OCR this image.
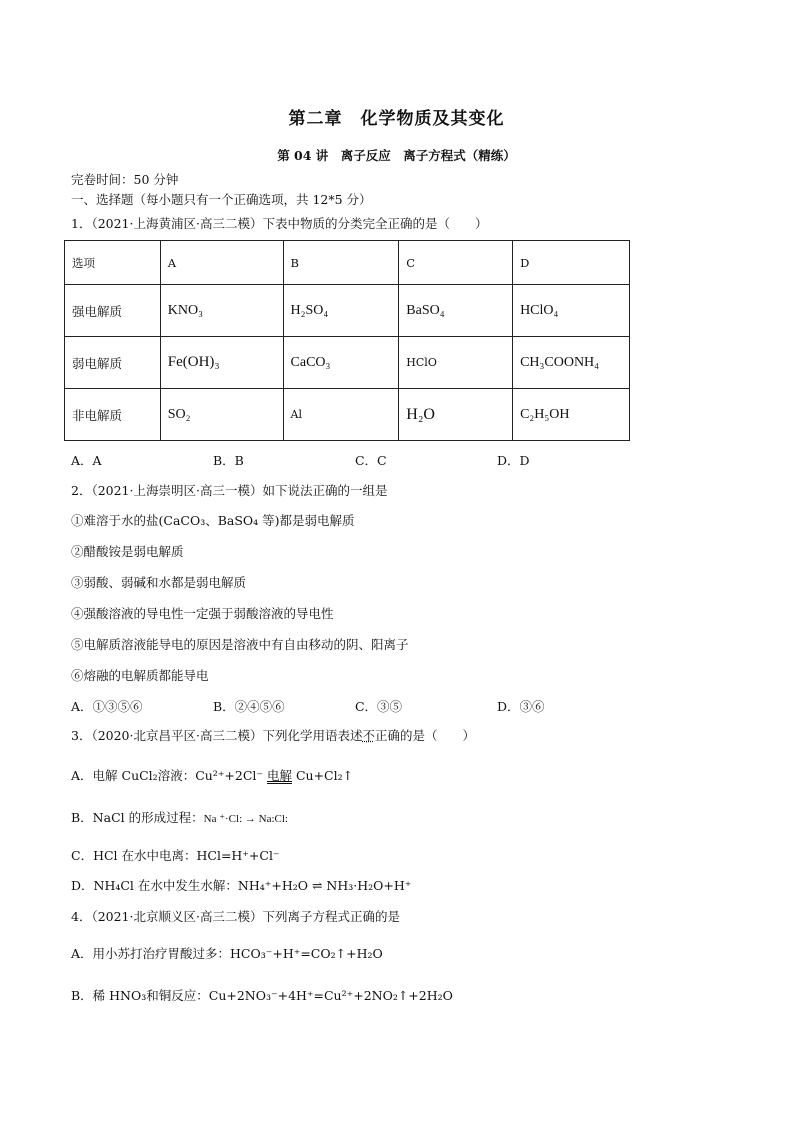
第二章　化学物质及其变化
第 04 讲　离子反应　离子方程式（精练）
完卷时间：50 分钟
一、选择题（每小题只有一个正确选项，共 12*5 分）
1．（2021·上海黄浦区·高三二模）下表中物质的分类完全正确的是（　　）
选项	A	B	C	D
强电解质	KNO₃	H₂SO₄	BaSO₄	HClO₄
弱电解质	Fe(OH)₃	CaCO₃	HClO	CH₃COONH₄
非电解质	SO₂	Al	H₂O	C₂H₅OH
A．A	B．B	C．C	D．D
2．（2021·上海崇明区·高三一模）如下说法正确的一组是
①难溶于水的盐(CaCO₃、BaSO₄ 等)都是弱电解质
②醋酸铵是弱电解质
③弱酸、弱碱和水都是弱电解质
④强酸溶液的导电性一定强于弱酸溶液的导电性
⑤电解质溶液能导电的原因是溶液中有自由移动的阴、阳离子
⑥熔融的电解质都能导电
A．①③⑤⑥	B．②④⑤⑥	C．③⑤	D．③⑥
3．（2020·北京昌平区·高三二模）下列化学用语表述不正确的是（　　）
A．电解 CuCl₂溶液：Cu²⁺+2Cl⁻ 电解 Cu+Cl₂↑
B．NaCl 的形成过程：Na ⁺·Cl: → Na:Cl:
C．HCl 在水中电离：HCl=H⁺+Cl⁻
D．NH₄Cl 在水中发生水解：NH₄⁺+H₂O ⇌ NH₃·H₂O+H⁺
4．（2021·北京顺义区·高三二模）下列离子方程式正确的是
A．用小苏打治疗胃酸过多：HCO₃⁻+H⁺=CO₂↑+H₂O
B．稀 HNO₃和铜反应：Cu+2NO₃⁻+4H⁺=Cu²⁺+2NO₂↑+2H₂O
